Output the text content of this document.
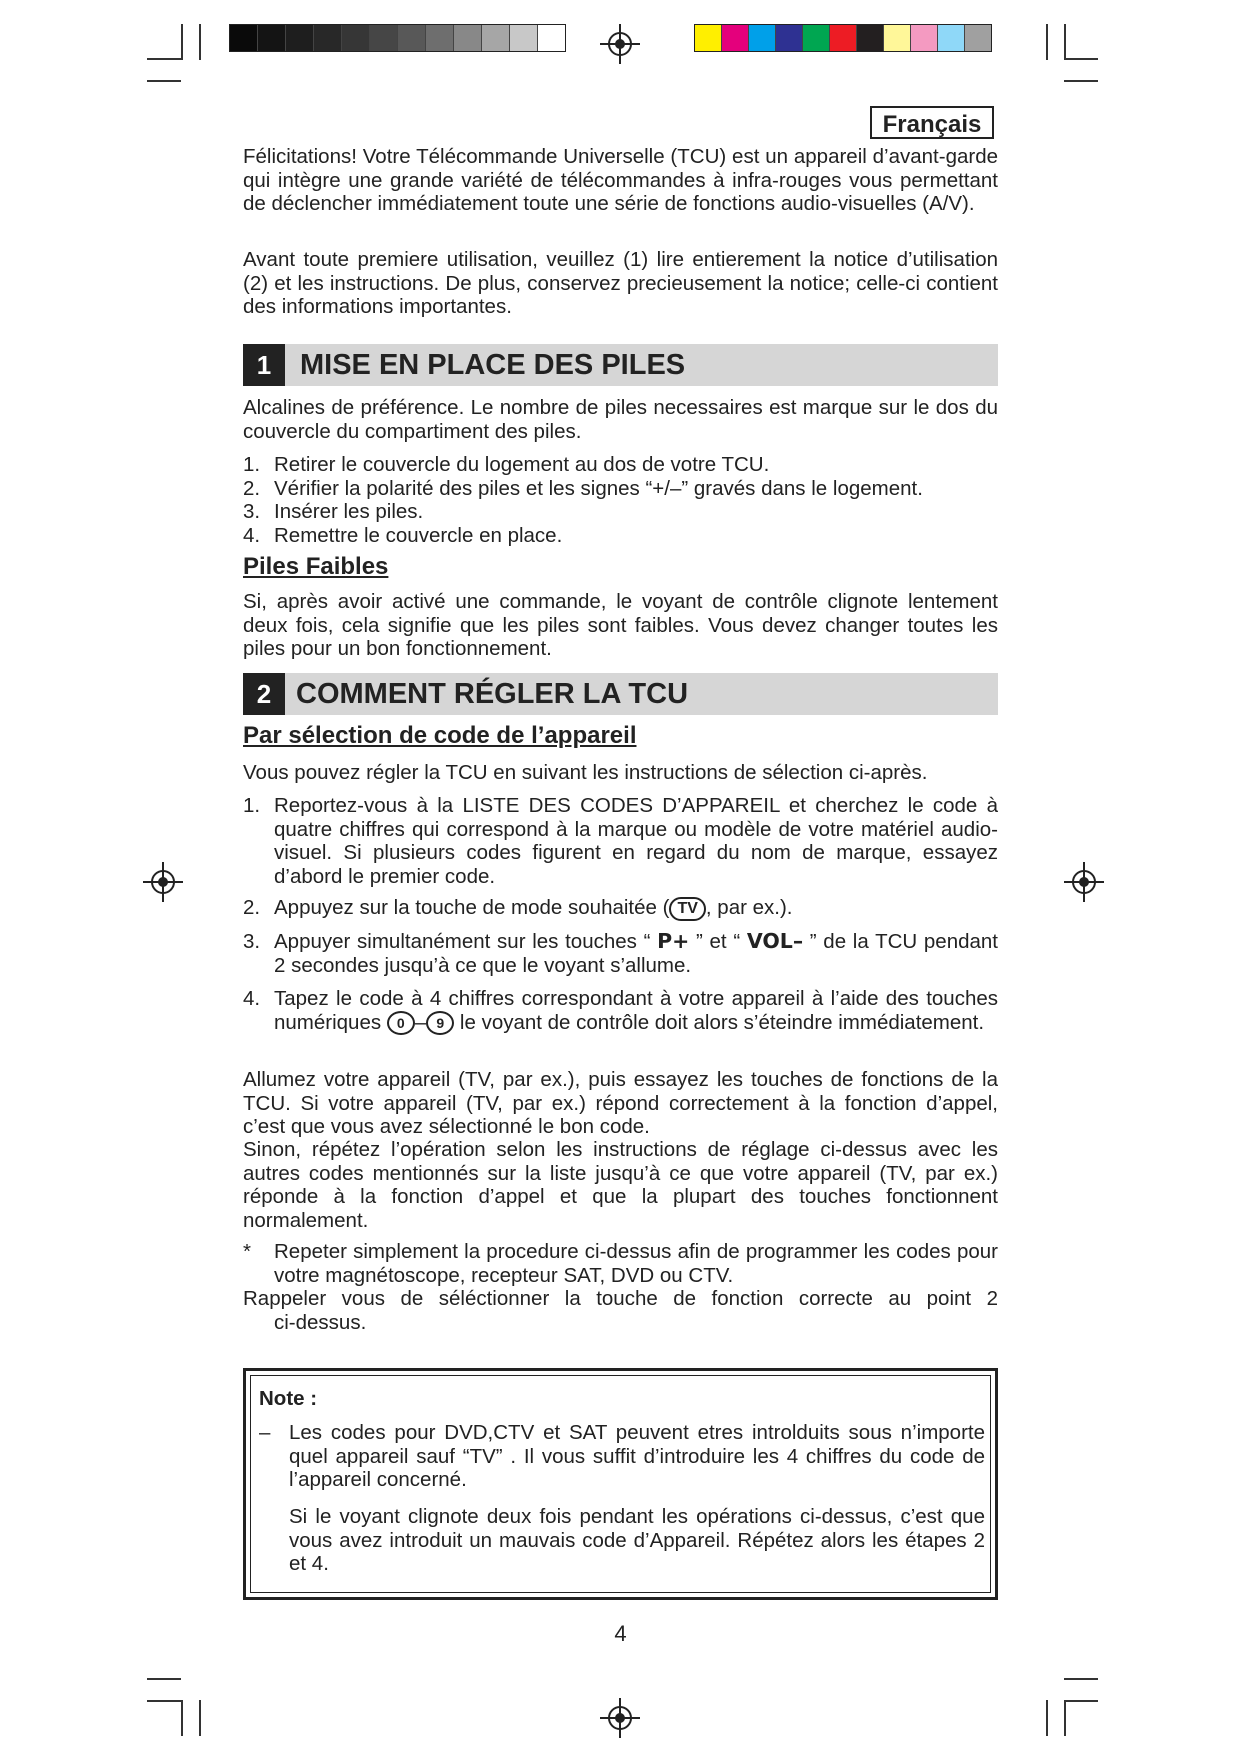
Français

Félicitations! Votre Télécommande Universelle (TCU) est un appareil d’avant-garde qui intègre une grande variété de télécommandes à infra-rouges vous permettant de déclencher immédiatement toute une série de fonctions audio-visuelles (A/V).

Avant toute premiere utilisation, veuillez (1) lire entierement la notice d’utilisation (2) et les instructions. De plus, conservez precieusement la notice; celle-ci contient des informations importantes.

1 MISE EN PLACE DES PILES

Alcalines de préférence. Le nombre de piles necessaires est marque sur le dos du couvercle du compartiment des piles.

1. Retirer le couvercle du logement au dos de votre TCU.
2. Vérifier la polarité des piles et les signes “+/–” gravés dans le logement.
3. Insérer les piles.
4. Remettre le couvercle en place.
Piles Faibles

Si, après avoir activé une commande, le voyant de contrôle clignote lentement deux fois, cela signifie que les piles sont faibles. Vous devez changer toutes les piles pour un bon fonctionnement.

2 COMMENT RÉGLER LA TCU
Par sélection de code de l’appareil

Vous pouvez régler la TCU en suivant les instructions de sélection ci-après.

1. Reportez-vous à la LISTE DES CODES D’APPAREIL et cherchez le code à quatre chiffres qui correspond à la marque ou modèle de votre matériel audio-visuel. Si plusieurs codes figurent en regard du nom de marque, essayez d’abord le premier code.
2. Appuyez sur la touche de mode souhaitée ( TV , par ex.).
3. Appuyer simultanément sur les touches “ P+ ” et “ VOL– ” de la TCU pendant 2 secondes jusqu’à ce que le voyant s’allume.
4. Tapez le code à 4 chiffres correspondant à votre appareil à l’aide des touches numériques 0 – 9 le voyant de contrôle doit alors s’éteindre immédiatement.

Allumez votre appareil (TV, par ex.), puis essayez les touches de fonctions de la TCU. Si votre appareil (TV, par ex.) répond correctement à la fonction d’appel, c’est que vous avez sélectionné le bon code.

Sinon, répétez l’opération selon les instructions de réglage ci-dessus avec les autres codes mentionnés sur la liste jusqu’à ce que votre appareil (TV, par ex.) réponde à la fonction d’appel et que la plupart des touches fonctionnent normalement.

* Repeter simplement la procedure ci-dessus afin de programmer les codes pour votre magnétoscope, recepteur SAT, DVD ou CTV.
Rappeler vous de séléctionner la touche de fonction correcte au point 2
ci-dessus.
Note :
– Les codes pour DVD,CTV et SAT peuvent etres introlduits sous n’importe quel appareil sauf “TV” . Il vous suffit d’introduire les 4 chiffres du code de l’appareil concerné.
Si le voyant clignote deux fois pendant les opérations ci-dessus, c’est que vous avez introduit un mauvais code d’Appareil. Répétez alors les étapes 2 et 4.
4
